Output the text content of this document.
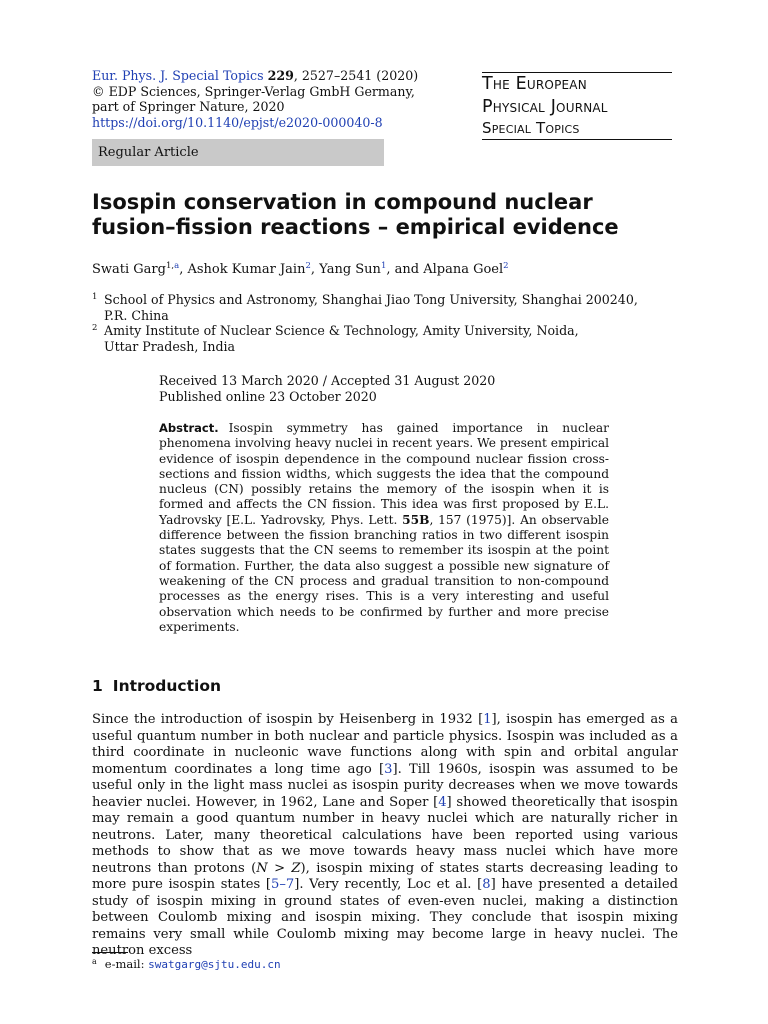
Eur. Phys. J. Special Topics 229, 2527–2541 (2020)
© EDP Sciences, Springer-Verlag GmbH Germany,
part of Springer Nature, 2020
https://doi.org/10.1140/epjst/e2020-000040-8
The European
Physical Journal
Special Topics
Regular Article
Isospin conservation in compound nuclear
fusion–fission reactions – empirical evidence
Swati Garg$^{1,a}$, Ashok Kumar Jain$^2$, Yang Sun$^1$, and Alpana Goel$^2$
1 School of Physics and Astronomy, Shanghai Jiao Tong University, Shanghai 200240,
P.R. China
2 Amity Institute of Nuclear Science & Technology, Amity University, Noida,
Uttar Pradesh, India
Received 13 March 2020 / Accepted 31 August 2020
Published online 23 October 2020
Abstract. Isospin symmetry has gained importance in nuclear phenomena involving heavy nuclei in recent years. We present empirical evidence of isospin dependence in the compound nuclear fission cross-sections and fission widths, which suggests the idea that the compound nucleus (CN) possibly retains the memory of the isospin when it is formed and affects the CN fission. This idea was first proposed by E.L. Yadrovsky [E.L. Yadrovsky, Phys. Lett. 55B, 157 (1975)]. An observable difference between the fission branching ratios in two different isospin states suggests that the CN seems to remember its isospin at the point of formation. Further, the data also suggest a possible new signature of weakening of the CN process and gradual transition to non-compound processes as the energy rises. This is a very interesting and useful observation which needs to be confirmed by further and more precise experiments.
1 Introduction
Since the introduction of isospin by Heisenberg in 1932 [1], isospin has emerged as a useful quantum number in both nuclear and particle physics. Isospin was included as a third coordinate in nucleonic wave functions along with spin and orbital angular momentum coordinates a long time ago [3]. Till 1960s, isospin was assumed to be useful only in the light mass nuclei as isospin purity decreases when we move towards heavier nuclei. However, in 1962, Lane and Soper [4] showed theoretically that isospin may remain a good quantum number in heavy nuclei which are naturally richer in neutrons. Later, many theoretical calculations have been reported using various methods to show that as we move towards heavy mass nuclei which have more neutrons than protons (N > Z), isospin mixing of states starts decreasing leading to more pure isospin states [5–7]. Very recently, Loc et al. [8] have presented a detailed study of isospin mixing in ground states of even-even nuclei, making a distinction between Coulomb mixing and isospin mixing. They conclude that isospin mixing remains very small while Coulomb mixing may become large in heavy nuclei. The neutron excess
$^a$ e-mail: swatgarg@sjtu.edu.cn
